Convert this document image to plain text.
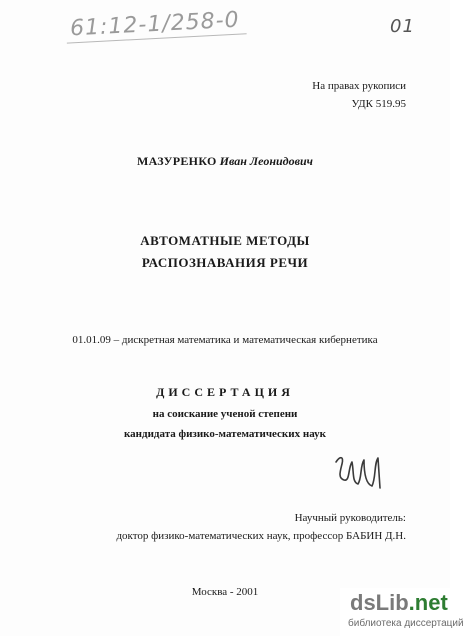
61:12-1/258-0	01
На правах рукописи
УДК 519.95
МАЗУРЕНКО Иван Леонидович
АВТОМАТНЫЕ МЕТОДЫ
РАСПОЗНАВАНИЯ РЕЧИ
01.01.09 – дискретная математика и математическая кибернетика
ДИССЕРТАЦИЯ
на соискание ученой степени
кандидата физико-математических наук
Научный руководитель:
доктор физико-математических наук, профессор БАБИН Д.Н.
Москва - 2001	dsLib.net
библиотека диссертаций
